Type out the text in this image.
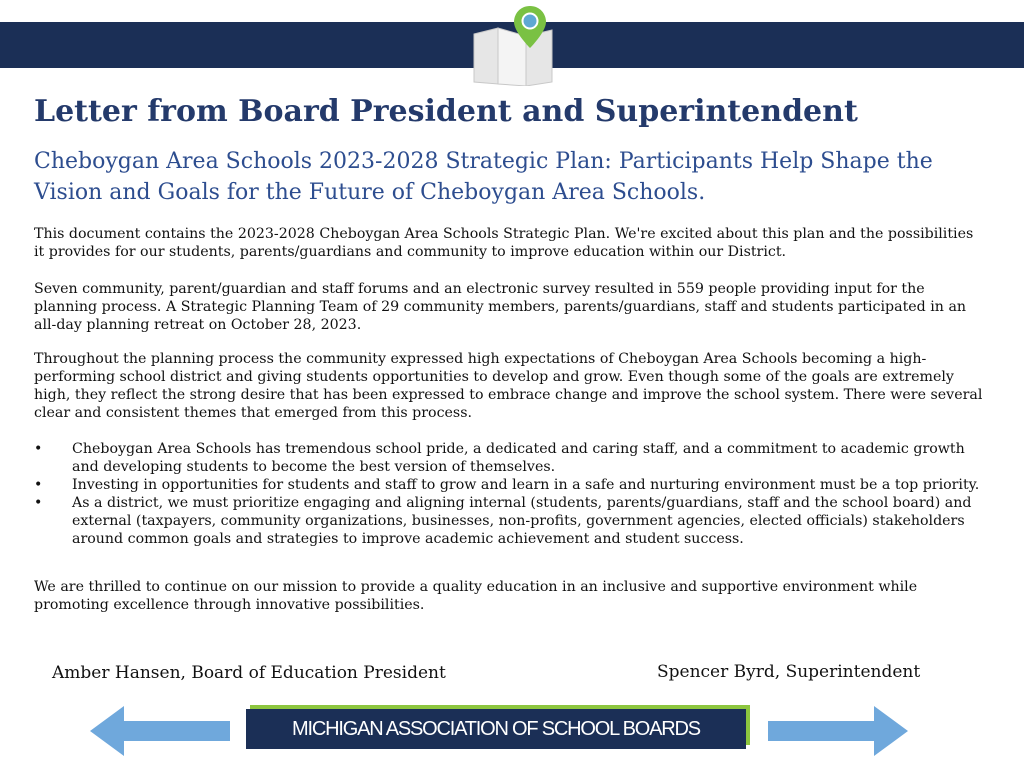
Letter from Board President and Superintendent

Cheboygan Area Schools 2023-2028 Strategic Plan: Participants Help Shape the Vision and Goals for the Future of Cheboygan Area Schools.

This document contains the 2023-2028 Cheboygan Area Schools Strategic Plan. We're excited about this plan and the possibilities it provides for our students, parents/guardians and community to improve education within our District.

Seven community, parent/guardian and staff forums and an electronic survey resulted in 559 people providing input for the planning process. A Strategic Planning Team of 29 community members, parents/guardians, staff and students participated in an all-day planning retreat on October 28, 2023.

Throughout the planning process the community expressed high expectations of Cheboygan Area Schools becoming a high-performing school district and giving students opportunities to develop and grow. Even though some of the goals are extremely high, they reflect the strong desire that has been expressed to embrace change and improve the school system. There were several clear and consistent themes that emerged from this process.

• Cheboygan Area Schools has tremendous school pride, a dedicated and caring staff, and a commitment to academic growth and developing students to become the best version of themselves.
• Investing in opportunities for students and staff to grow and learn in a safe and nurturing environment must be a top priority.
• As a district, we must prioritize engaging and aligning internal (students, parents/guardians, staff and the school board) and external (taxpayers, community organizations, businesses, non-profits, government agencies, elected officials) stakeholders around common goals and strategies to improve academic achievement and student success.

We are thrilled to continue on our mission to provide a quality education in an inclusive and supportive environment while promoting excellence through innovative possibilities.

Amber Hansen, Board of Education President	Spencer Byrd, Superintendent
MICHIGAN ASSOCIATION OF SCHOOL BOARDS
